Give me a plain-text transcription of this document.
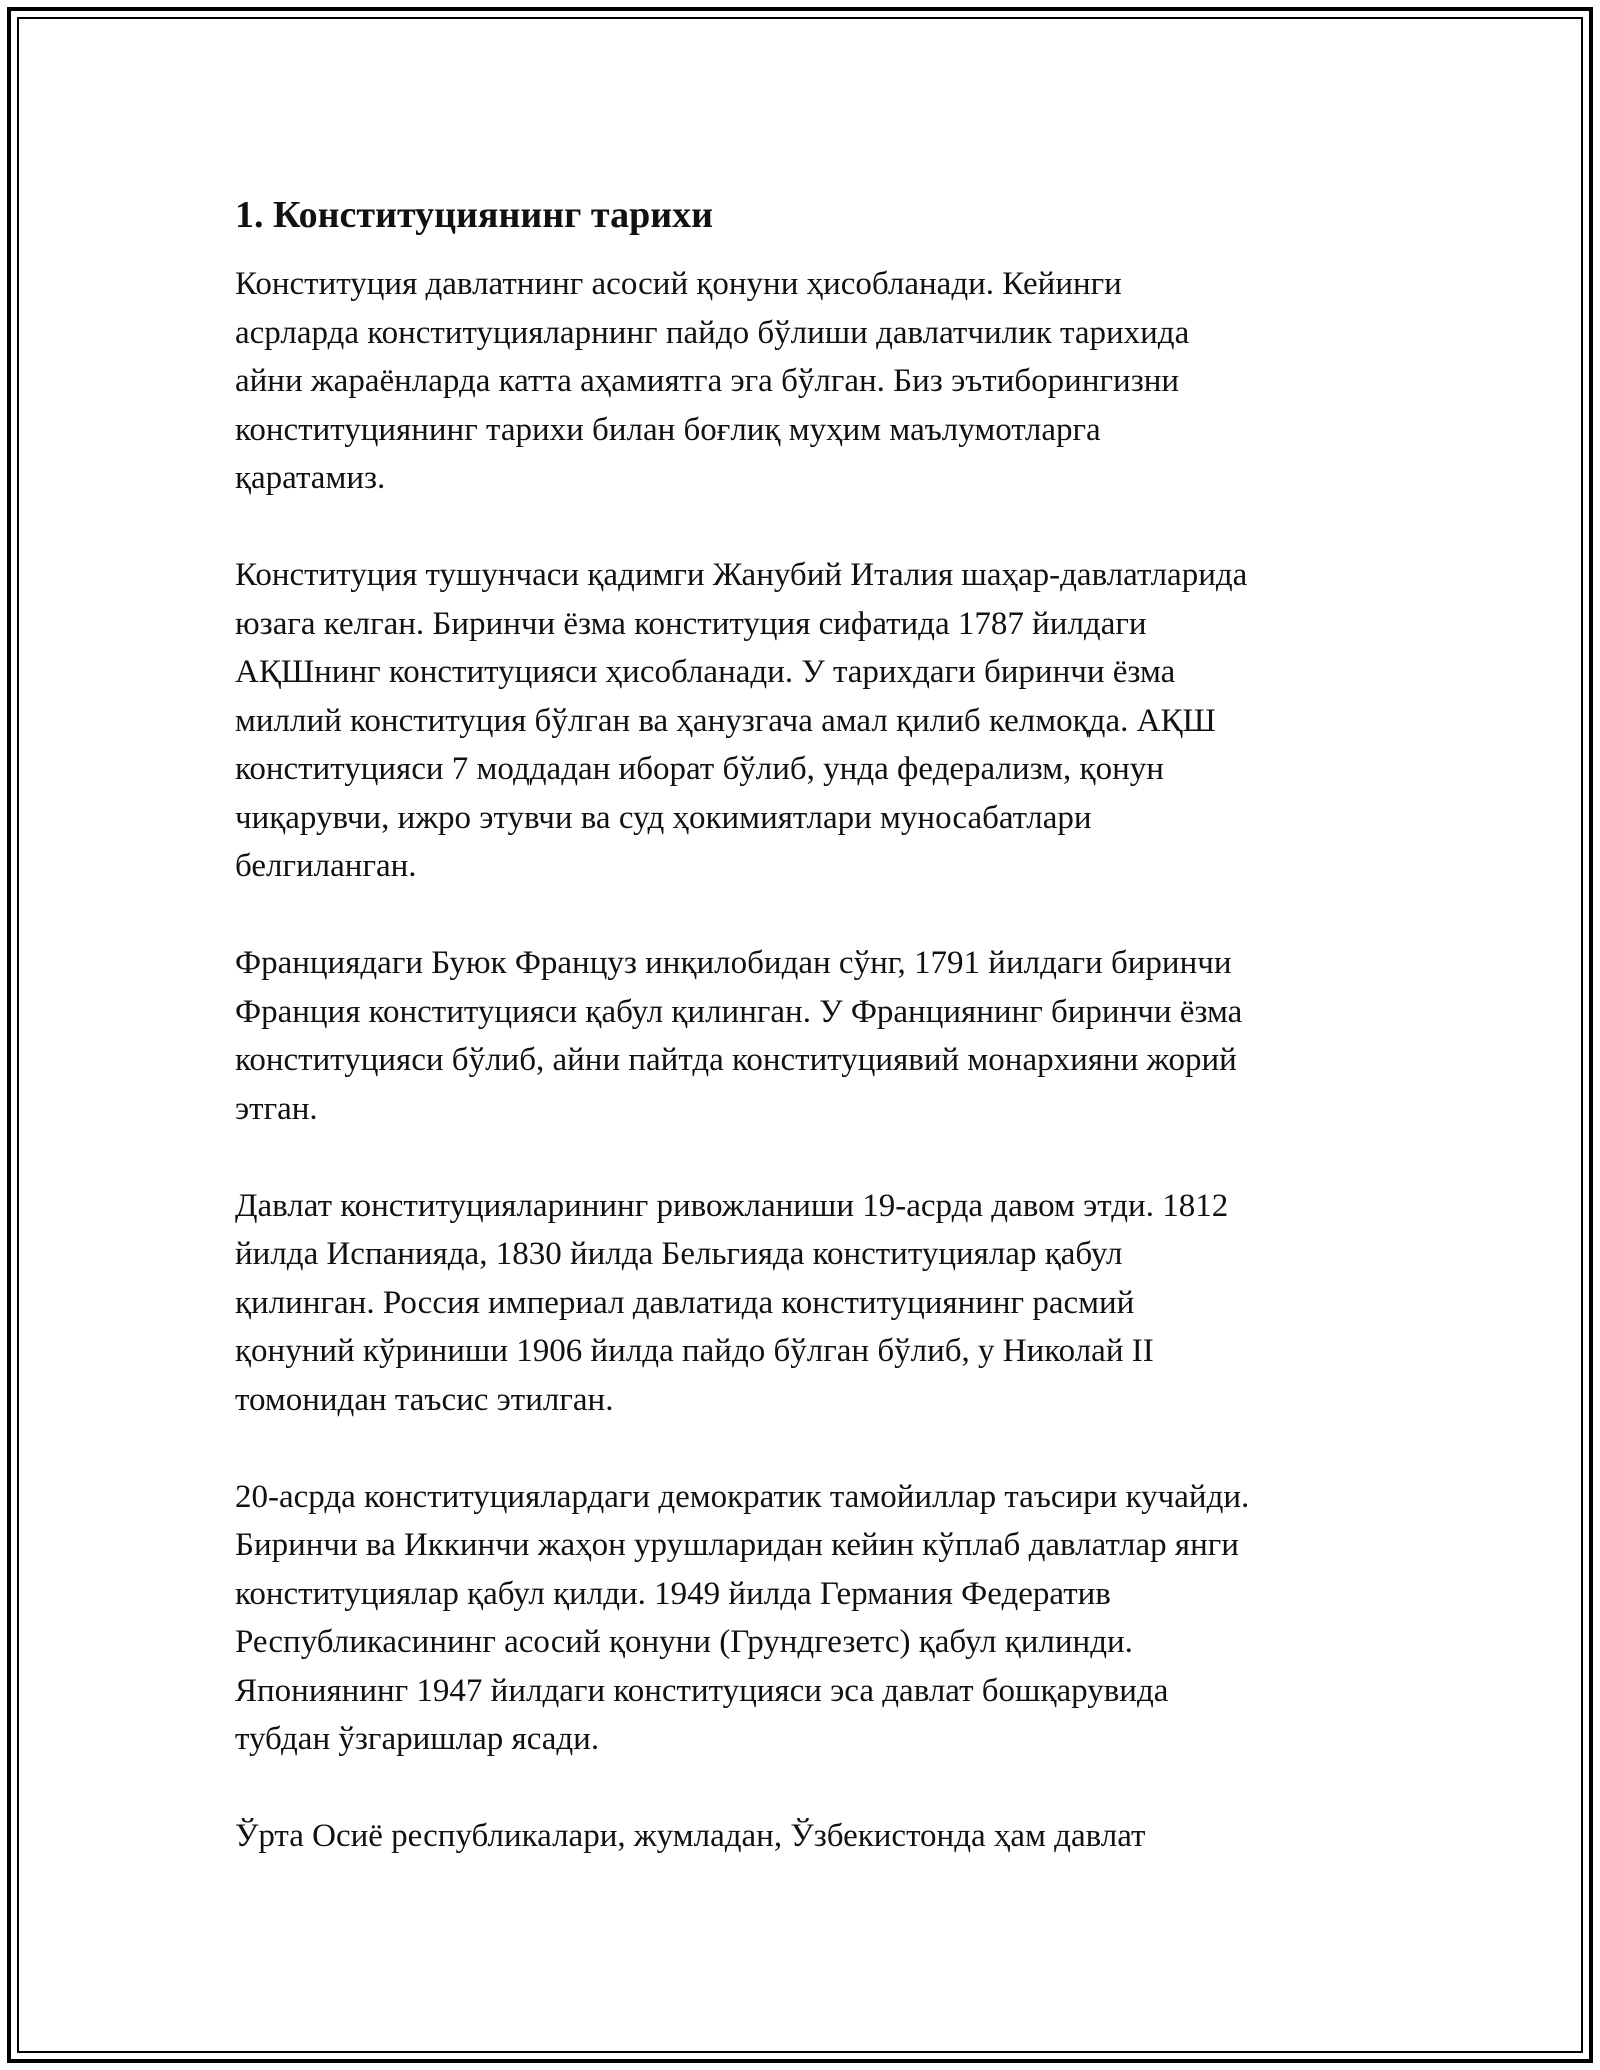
1. Конституциянинг тарихи
Конституция давлатнинг асосий қонуни ҳисобланади. Кейинги
асрларда конституцияларнинг пайдо бўлиши давлатчилик тарихида
айни жараёнларда катта аҳамиятга эга бўлган. Биз эътиборингизни
конституциянинг тарихи билан боғлиқ муҳим маълумотларга
қаратамиз.
Конституция тушунчаси қадимги Жанубий Италия шаҳар-давлатларида
юзага келган. Биринчи ёзма конституция сифатида 1787 йилдаги
АҚШнинг конституцияси ҳисобланади. У тарихдаги биринчи ёзма
миллий конституция бўлган ва ҳанузгача амал қилиб келмоқда. АҚШ
конституцияси 7 моддадан иборат бўлиб, унда федерализм, қонун
чиқарувчи, ижро этувчи ва суд ҳокимиятлари муносабатлари
белгиланган.
Франциядаги Буюк Француз инқилобидан сўнг, 1791 йилдаги биринчи
Франция конституцияси қабул қилинган. У Франциянинг биринчи ёзма
конституцияси бўлиб, айни пайтда конституциявий монархияни жорий
этган.
Давлат конституцияларининг ривожланиши 19-асрда давом этди. 1812
йилда Испанияда, 1830 йилда Бельгияда конституциялар қабул
қилинган. Россия империал давлатида конституциянинг расмий
қонуний кўриниши 1906 йилда пайдо бўлган бўлиб, у Николай II
томонидан таъсис этилган.
20-асрда конституциялардаги демократик тамойиллар таъсири кучайди.
Биринчи ва Иккинчи жаҳон урушларидан кейин кўплаб давлатлар янги
конституциялар қабул қилди. 1949 йилда Германия Федератив
Республикасининг асосий қонуни (Грундгезетс) қабул қилинди.
Япониянинг 1947 йилдаги конституцияси эса давлат бошқарувида
тубдан ўзгаришлар ясади.
Ўрта Осиё республикалари, жумладан, Ўзбекистонда ҳам давлат
